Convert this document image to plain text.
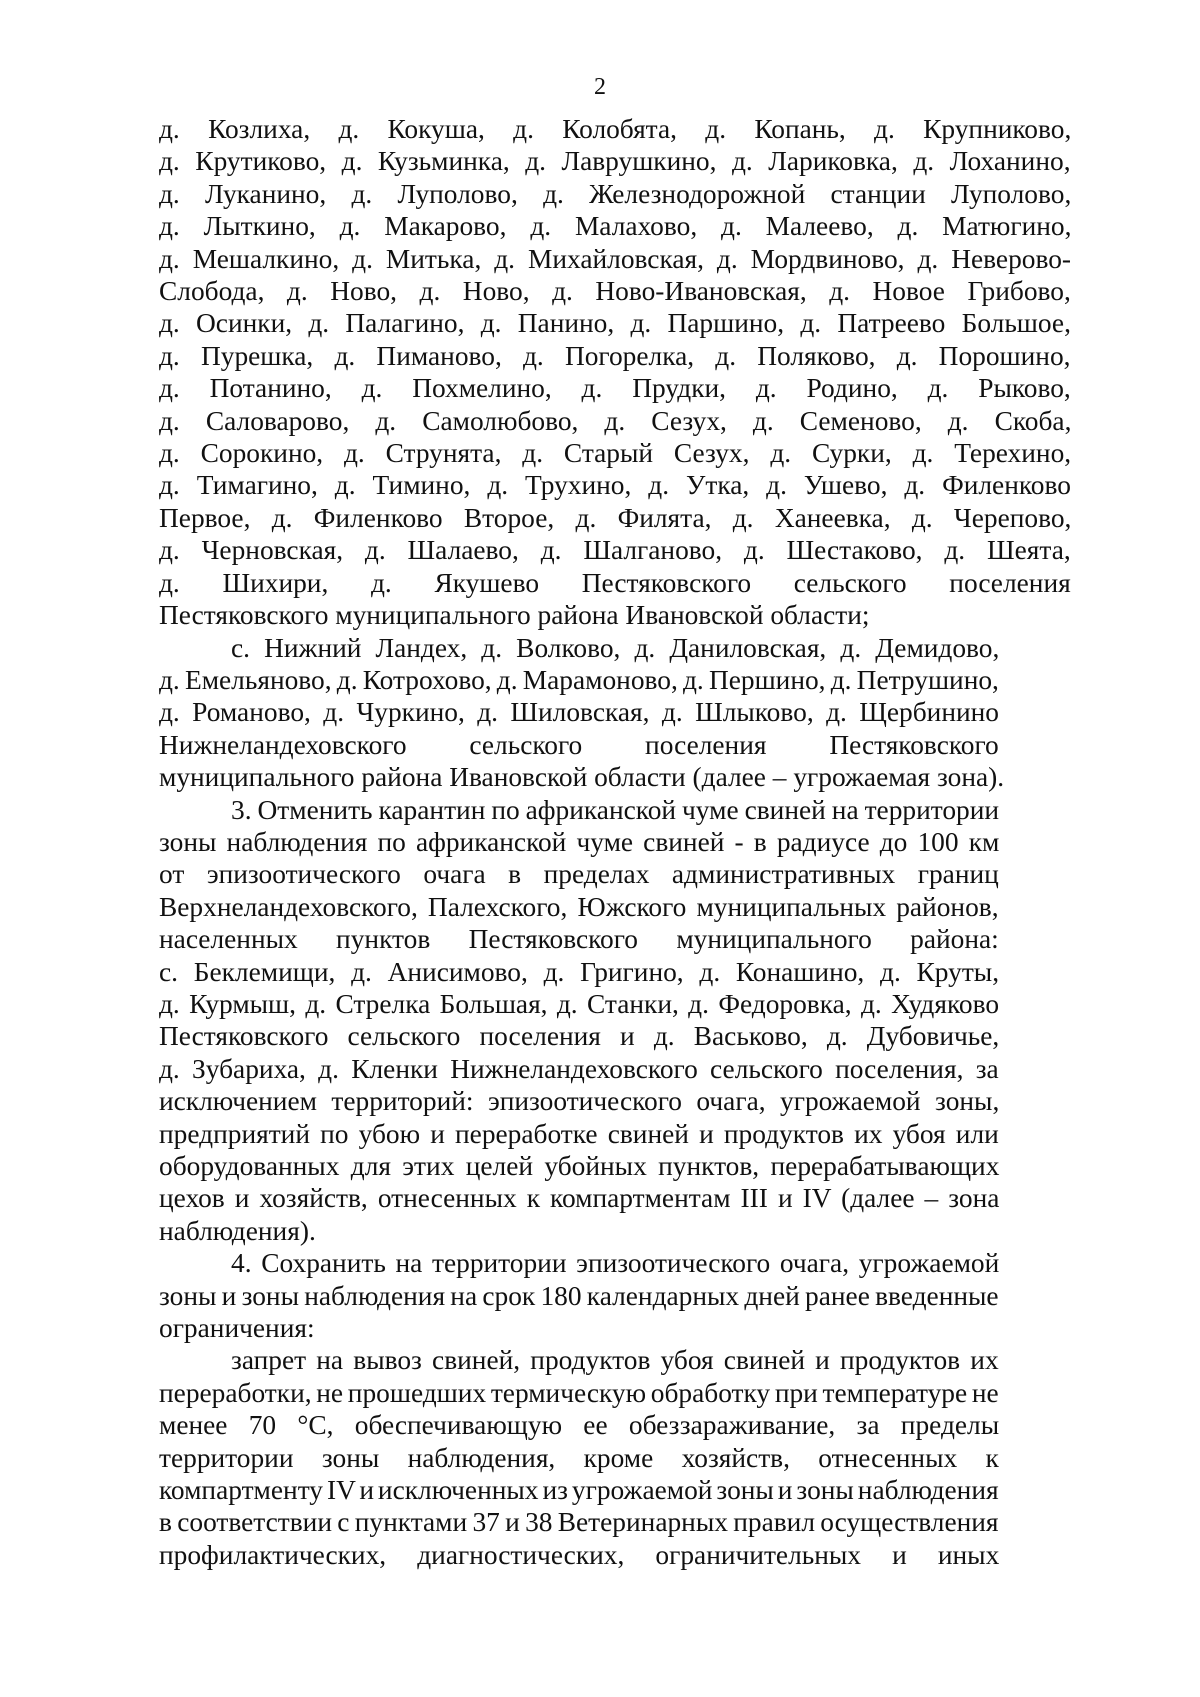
2

д. Козлиха, д. Кокуша, д. Колобята, д. Копань, д. Крупниково,
д. Крутиково, д. Кузьминка, д. Лаврушкино, д. Лариковка, д. Лоханино,
д. Луканино, д. Луполово, д. Железнодорожной станции Луполово,
д. Лыткино, д. Макарово, д. Малахово, д. Малеево, д. Матюгино,
д. Мешалкино, д. Митька, д. Михайловская, д. Мордвиново, д. Неверово-
Слобода, д. Ново, д. Ново, д. Ново-Ивановская, д. Новое Грибово,
д. Осинки, д. Палагино, д. Панино, д. Паршино, д. Патреево Большое,
д. Пурешка, д. Пиманово, д. Погорелка, д. Поляково, д. Порошино,
д. Потанино, д. Похмелино, д. Прудки, д. Родино, д. Рыково,
д. Саловарово, д. Самолюбово, д. Сезух, д. Семеново, д. Скоба,
д. Сорокино, д. Струнята, д. Старый Сезух, д. Сурки, д. Терехино,
д. Тимагино, д. Тимино, д. Трухино, д. Утка, д. Ушево, д. Филенково
Первое, д. Филенково Второе, д. Филята, д. Ханеевка, д. Черепово,
д. Черновская, д. Шалаево, д. Шалганово, д. Шестаково, д. Шеята,
д. Шихири, д. Якушево Пестяковского сельского поселения
Пестяковского муниципального района Ивановской области;

с. Нижний Ландех, д. Волково, д. Даниловская, д. Демидово,
д. Емельяново, д. Котрохово, д. Марамоново, д. Першино, д. Петрушино,
д. Романово, д. Чуркино, д. Шиловская, д. Шлыково, д. Щербинино
Нижнеландеховского сельского поселения Пестяковского
муниципального района Ивановской области (далее – угрожаемая зона).

3. Отменить карантин по африканской чуме свиней на территории
зоны наблюдения по африканской чуме свиней - в радиусе до 100 км
от эпизоотического очага в пределах административных границ
Верхнеландеховского, Палехского, Южского муниципальных районов,
населенных пунктов Пестяковского муниципального района:
с. Беклемищи, д. Анисимово, д. Григино, д. Конашино, д. Круты,
д. Курмыш, д. Стрелка Большая, д. Станки, д. Федоровка, д. Худяково
Пестяковского сельского поселения и д. Васьково, д. Дубовичье,
д. Зубариха, д. Кленки Нижнеландеховского сельского поселения, за
исключением территорий: эпизоотического очага, угрожаемой зоны,
предприятий по убою и переработке свиней и продуктов их убоя или
оборудованных для этих целей убойных пунктов, перерабатывающих
цехов и хозяйств, отнесенных к компартментам III и IV (далее – зона
наблюдения).

4. Сохранить на территории эпизоотического очага, угрожаемой
зоны и зоны наблюдения на срок 180 календарных дней ранее введенные
ограничения:

запрет на вывоз свиней, продуктов убоя свиней и продуктов их
переработки, не прошедших термическую обработку при температуре не
менее 70 °С, обеспечивающую ее обеззараживание, за пределы
территории зоны наблюдения, кроме хозяйств, отнесенных к
компартменту IV и исключенных из угрожаемой зоны и зоны наблюдения
в соответствии с пунктами 37 и 38 Ветеринарных правил осуществления
профилактических, диагностических, ограничительных и иных
